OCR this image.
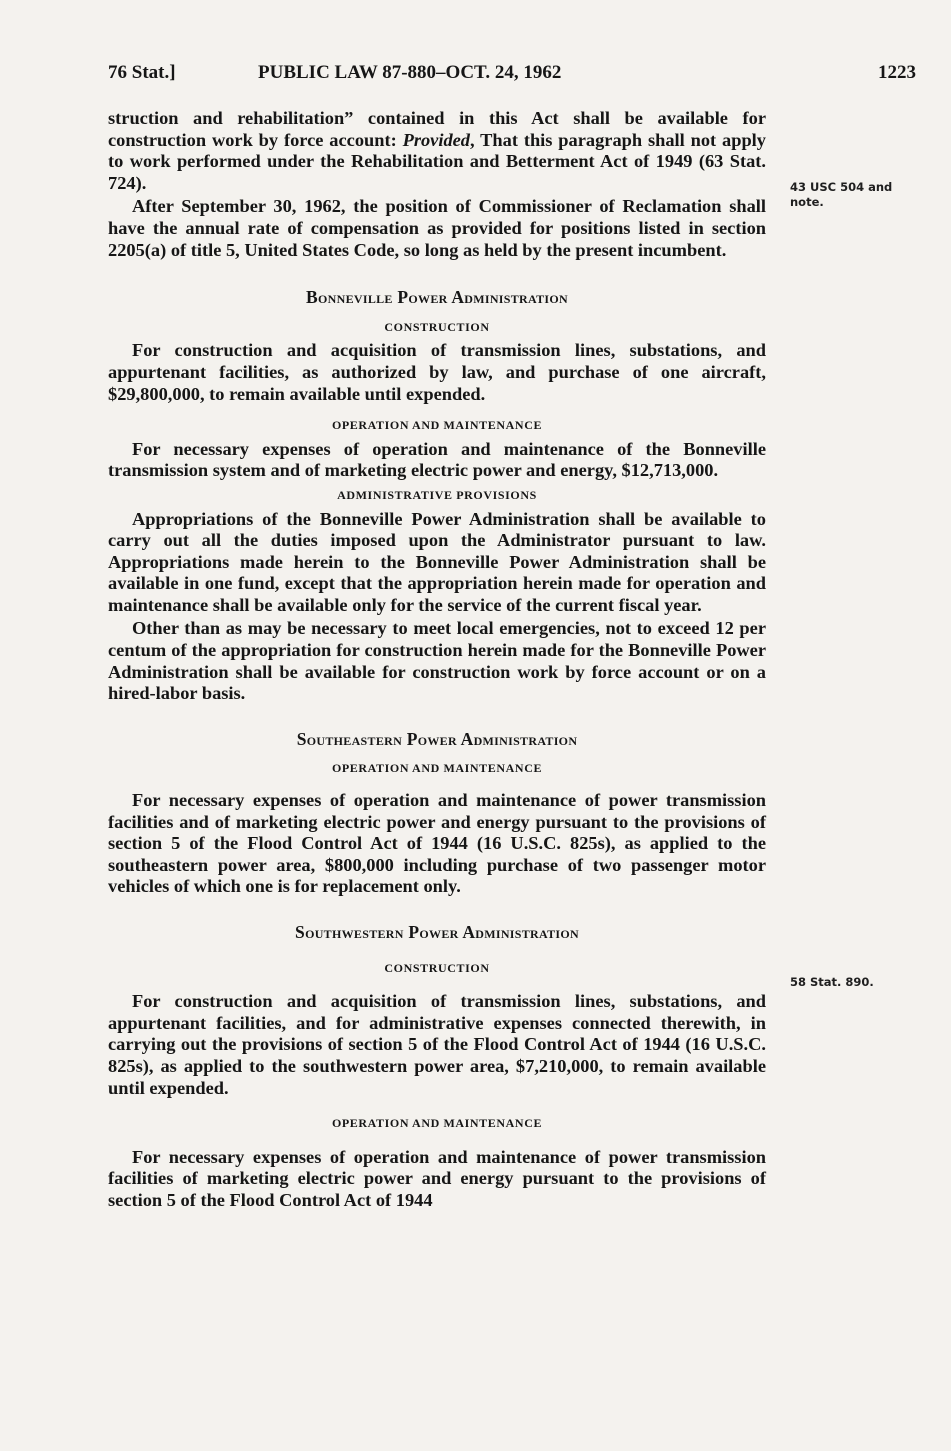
76 Stat.]	PUBLIC LAW 87-880–OCT. 24, 1962	1223

struction and rehabilitation” contained in this Act shall be available for construction work by force account: Provided, That this paragraph shall not apply to work performed under the Rehabilitation and Betterment Act of 1949 (63 Stat. 724).

After September 30, 1962, the position of Commissioner of Reclamation shall have the annual rate of compensation as provided for positions listed in section 2205(a) of title 5, United States Code, so long as held by the present incumbent.

Bonneville Power Administration

CONSTRUCTION

For construction and acquisition of transmission lines, substations, and appurtenant facilities, as authorized by law, and purchase of one aircraft, $29,800,000, to remain available until expended.

OPERATION AND MAINTENANCE

For necessary expenses of operation and maintenance of the Bonneville transmission system and of marketing electric power and energy, $12,713,000.

ADMINISTRATIVE PROVISIONS

Appropriations of the Bonneville Power Administration shall be available to carry out all the duties imposed upon the Administrator pursuant to law. Appropriations made herein to the Bonneville Power Administration shall be available in one fund, except that the appropriation herein made for operation and maintenance shall be available only for the service of the current fiscal year.

Other than as may be necessary to meet local emergencies, not to exceed 12 per centum of the appropriation for construction herein made for the Bonneville Power Administration shall be available for construction work by force account or on a hired-labor basis.

Southeastern Power Administration

OPERATION AND MAINTENANCE

For necessary expenses of operation and maintenance of power transmission facilities and of marketing electric power and energy pursuant to the provisions of section 5 of the Flood Control Act of 1944 (16 U.S.C. 825s), as applied to the southeastern power area, $800,000 including purchase of two passenger motor vehicles of which one is for replacement only.

Southwestern Power Administration

CONSTRUCTION

For construction and acquisition of transmission lines, substations, and appurtenant facilities, and for administrative expenses connected therewith, in carrying out the provisions of section 5 of the Flood Control Act of 1944 (16 U.S.C. 825s), as applied to the southwestern power area, $7,210,000, to remain available until expended.

OPERATION AND MAINTENANCE

For necessary expenses of operation and maintenance of power transmission facilities of marketing electric power and energy pursuant to the provisions of section 5 of the Flood Control Act of 1944

43 USC 504 and
note.
58 Stat. 890.
